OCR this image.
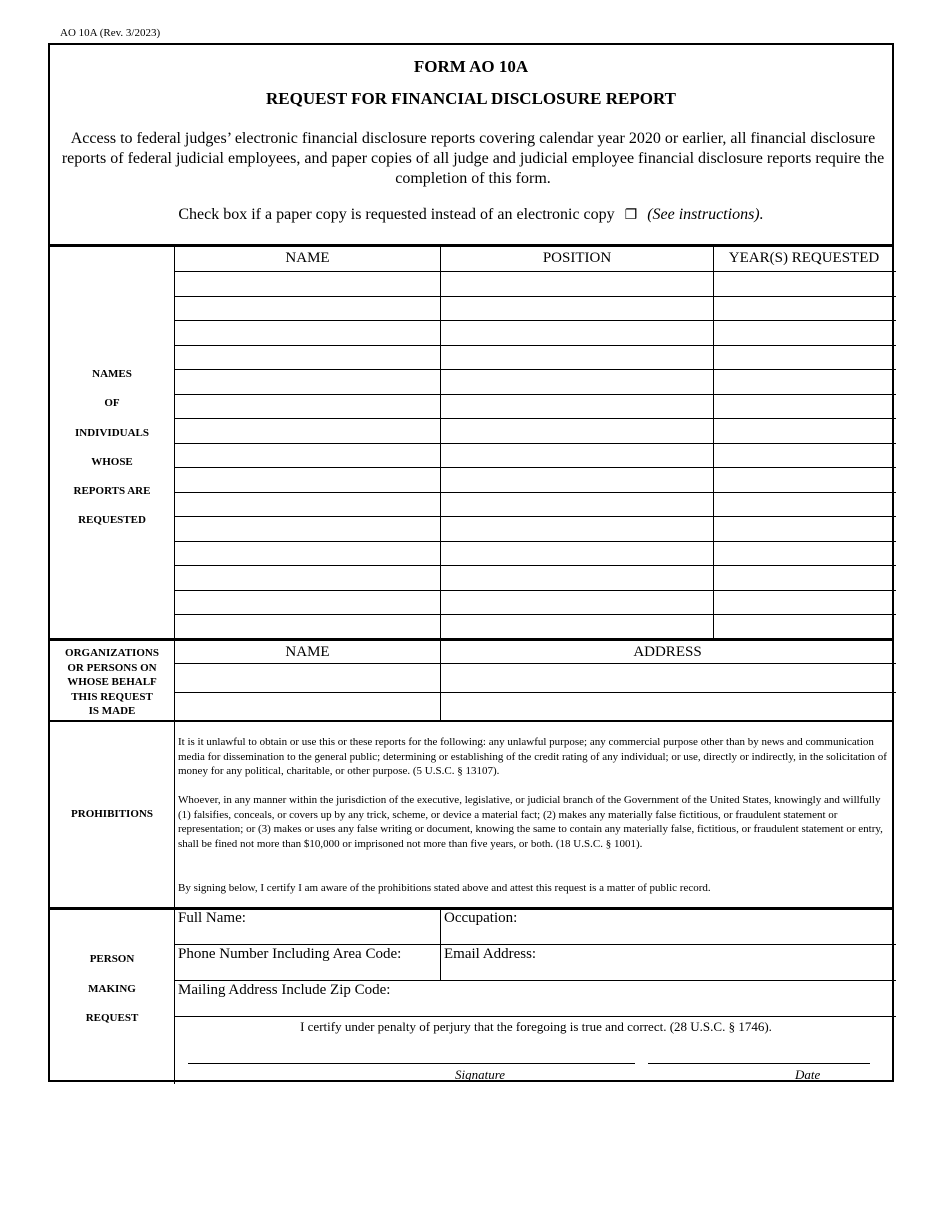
AO 10A (Rev. 3/2023)
FORM AO 10A
REQUEST FOR FINANCIAL DISCLOSURE REPORT
Access to federal judges’ electronic financial disclosure reports covering calendar year 2020 or earlier, all financial disclosure reports of federal judicial employees, and paper copies of all judge and judicial employee financial disclosure reports require the completion of this form.
Check box if a paper copy is requested instead of an electronic copy ❐ (See instructions).
NAME	POSITION	YEAR(S) REQUESTED
NAMES
OF
INDIVIDUALS
WHOSE
REPORTS ARE
REQUESTED
NAME	ADDRESS
ORGANIZATIONS
OR PERSONS ON
WHOSE BEHALF
THIS REQUEST
IS MADE
PROHIBITIONS
It is it unlawful to obtain or use this or these reports for the following: any unlawful purpose; any commercial purpose other than by news and communication media for dissemination to the general public; determining or establishing of the credit rating of any individual; or use, directly or indirectly, in the solicitation of money for any political, charitable, or other purpose. (5 U.S.C. § 13107).
Whoever, in any manner within the jurisdiction of the executive, legislative, or judicial branch of the Government of the United States, knowingly and willfully (1) falsifies, conceals, or covers up by any trick, scheme, or device a material fact; (2) makes any materially false fictitious, or fraudulent statement or representation; or (3) makes or uses any false writing or document, knowing the same to contain any materially false, fictitious, or fraudulent statement or entry, shall be fined not more than $10,000 or imprisoned not more than five years, or both. (18 U.S.C. § 1001).
By signing below, I certify I am aware of the prohibitions stated above and attest this request is a matter of public record.
PERSON
MAKING
REQUEST
Full Name:	Occupation:
Phone Number Including Area Code:	Email Address:
Mailing Address Include Zip Code:
I certify under penalty of perjury that the foregoing is true and correct. (28 U.S.C. § 1746).
Signature	Date
